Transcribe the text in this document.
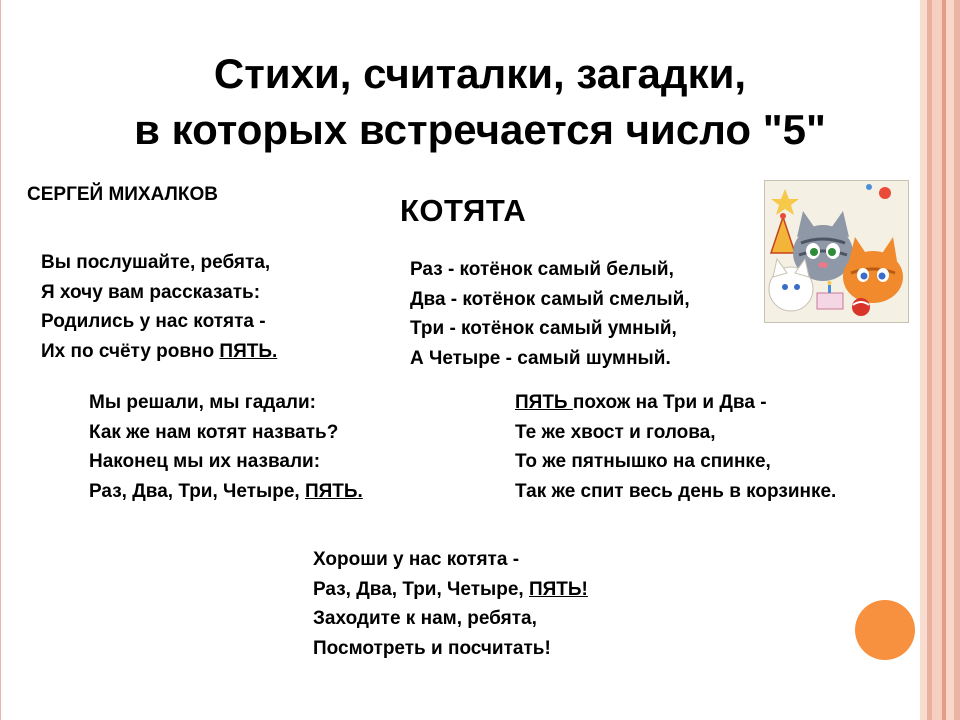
Стихи, считалки, загадки,
в которых встречается число "5"
СЕРГЕЙ МИХАЛКОВ	КОТЯТА
Вы послушайте, ребята,
Я хочу вам рассказать:
Родились у нас котята -
Их по счёту ровно ПЯТЬ.
Раз - котёнок самый белый,
Два - котёнок самый смелый,
Три - котёнок самый умный,
А Четыре - самый шумный.
Мы решали, мы гадали:
Как же нам котят назвать?
Наконец мы их назвали:
Раз, Два, Три, Четыре, ПЯТЬ.
ПЯТЬ похож на Три и Два -
Те же хвост и голова,
То же пятнышко на спинке,
Так же спит весь день в корзинке.
Хороши у нас котята -
Раз, Два, Три, Четыре, ПЯТЬ!
Заходите к нам, ребята,
Посмотреть и посчитать!
